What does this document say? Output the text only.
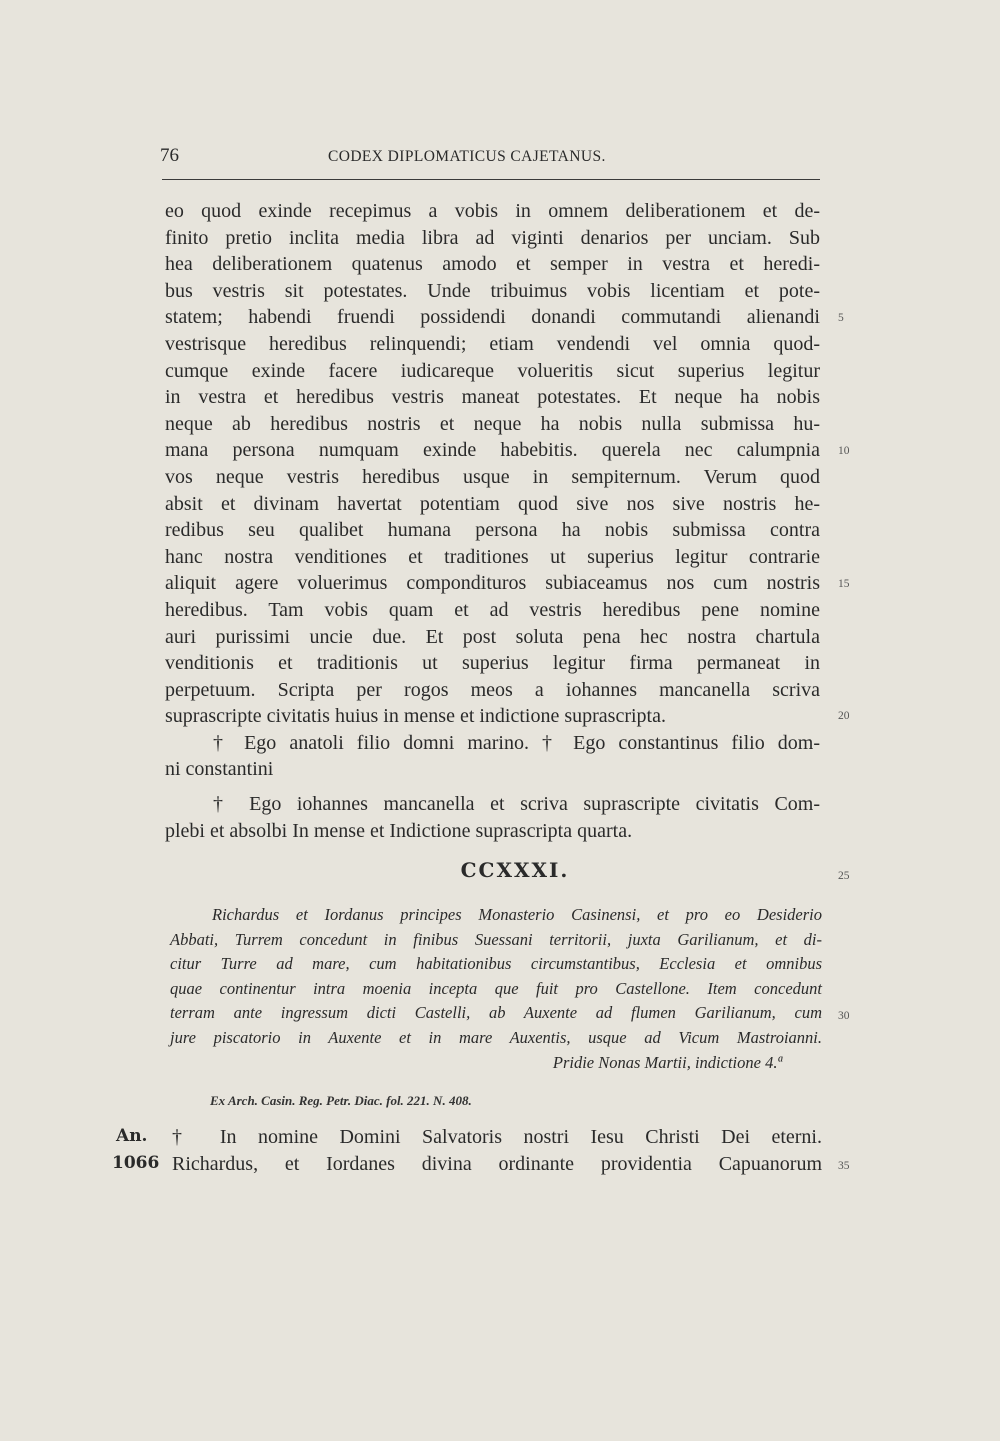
76	CODEX DIPLOMATICUS CAJETANUS.
eo quod exinde recepimus a vobis in omnem deliberationem et de-
finito pretio inclita media libra ad viginti denarios per unciam. Sub
hea deliberationem quatenus amodo et semper in vestra et heredi-
bus vestris sit potestates. Unde tribuimus vobis licentiam et pote-
statem; habendi fruendi possidendi donandi commutandi alienandi
vestrisque heredibus relinquendi; etiam vendendi vel omnia quod-
cumque exinde facere iudicareque volueritis sicut superius legitur
in vestra et heredibus vestris maneat potestates. Et neque ha nobis
neque ab heredibus nostris et neque ha nobis nulla submissa hu-
mana persona numquam exinde habebitis. querela nec calumpnia
vos neque vestris heredibus usque in sempiternum. Verum quod
absit et divinam havertat potentiam quod sive nos sive nostris he-
redibus seu qualibet humana persona ha nobis submissa contra
hanc nostra venditiones et traditiones ut superius legitur contrarie
aliquit agere voluerimus compondituros subiaceamus nos cum nostris
heredibus. Tam vobis quam et ad vestris heredibus pene nomine
auri purissimi uncie due. Et post soluta pena hec nostra chartula
venditionis et traditionis ut superius legitur firma permaneat in
perpetuum. Scripta per rogos meos a iohannes mancanella scriva
suprascripte civitatis huius in mense et indictione suprascripta.
† Ego anatoli filio domni marino. † Ego constantinus filio dom-
ni constantini
† Ego iohannes mancanella et scriva suprascripte civitatis Com-
plebi et absolbi In mense et Indictione suprascripta quarta.
5
10
15
20
25
30
35
CCXXXI.
Richardus et Iordanus principes Monasterio Casinensi, et pro eo Desiderio
Abbati, Turrem concedunt in finibus Suessani territorii, juxta Garilianum, et di-
citur Turre ad mare, cum habitationibus circumstantibus, Ecclesia et omnibus
quae continentur intra moenia incepta que fuit pro Castellone. Item concedunt
terram ante ingressum dicti Castelli, ab Auxente ad flumen Garilianum, cum
jure piscatorio in Auxente et in mare Auxentis, usque ad Vicum Mastroianni.
Pridie Nonas Martii, indictione 4.ª
Ex Arch. Casin. Reg. Petr. Diac. fol. 221. N. 408.
An.
1066
† In nomine Domini Salvatoris nostri Iesu Christi Dei eterni.
Richardus, et Iordanes divina ordinante providentia Capuanorum
